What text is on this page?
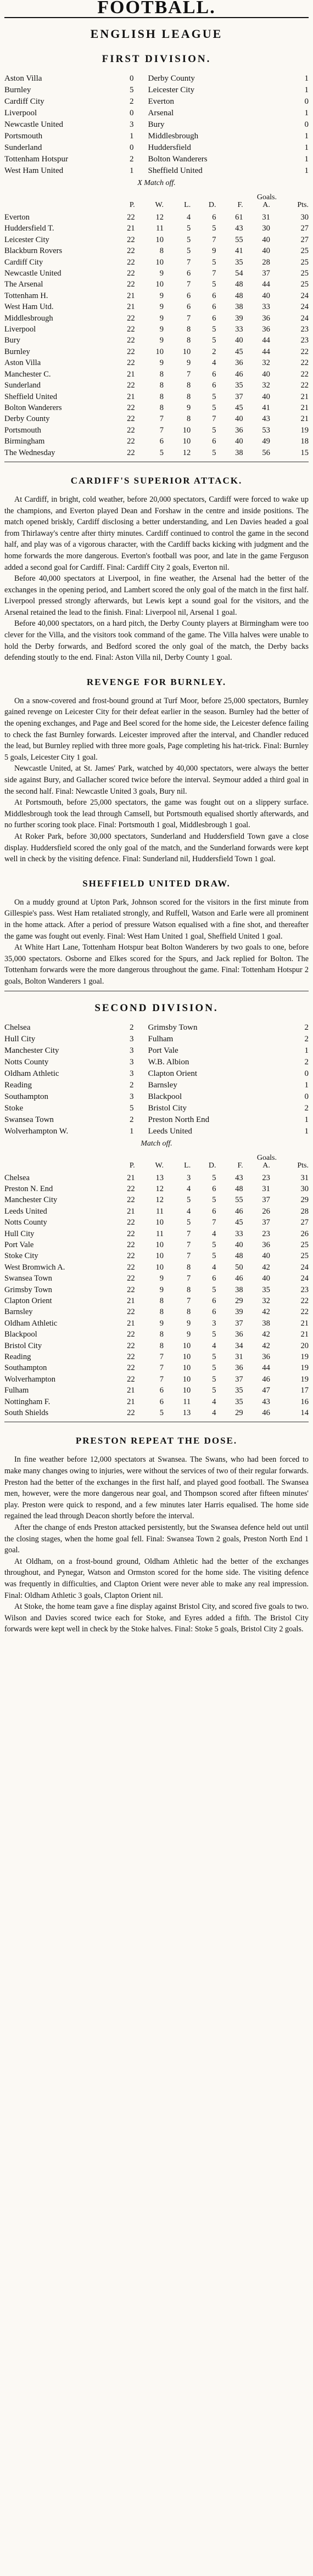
FOOTBALL.
ENGLISH LEAGUE
FIRST DIVISION.
Aston Villa	0	Derby County	1
Burnley	5	Leicester City	1
Cardiff City	2	Everton	0
Liverpool	0	Arsenal	1
Newcastle United	3	Bury	0
Portsmouth	1	Middlesbrough	1
Sunderland	0	Huddersfield	1
Tottenham Hotspur	2	Bolton Wanderers	1
West Ham United	1	Sheffield United	1
X Match off.
Goals.
	P.	W.	L.	D.	F.	A.	Pts.
Everton	22	12	4	6	61	31	30
Huddersfield T.	21	11	5	5	43	30	27
Leicester City	22	10	5	7	55	40	27
Blackburn Rovers	22	8	5	9	41	40	25
Cardiff City	22	10	7	5	35	28	25
Newcastle United	22	9	6	7	54	37	25
The Arsenal	22	10	7	5	48	44	25
Tottenham H.	21	9	6	6	48	40	24
West Ham Utd.	21	9	6	6	38	33	24
Middlesbrough	22	9	7	6	39	36	24
Liverpool	22	9	8	5	33	36	23
Bury	22	9	8	5	40	44	23
Burnley	22	10	10	2	45	44	22
Aston Villa	22	9	9	4	36	32	22
Manchester C.	21	8	7	6	46	40	22
Sunderland	22	8	8	6	35	32	22
Sheffield United	21	8	8	5	37	40	21
Bolton Wanderers	22	8	9	5	45	41	21
Derby County	22	7	8	7	40	43	21
Portsmouth	22	7	10	5	36	53	19
Birmingham	22	6	10	6	40	49	18
The Wednesday	22	5	12	5	38	56	15
CARDIFF'S SUPERIOR ATTACK.

At Cardiff, in bright, cold weather, before 20,000 spectators, Cardiff were forced to wake up the champions, and Everton played Dean and Forshaw in the centre and inside positions. The match opened briskly, Cardiff disclosing a better understanding, and Len Davies headed a goal from Thirlaway's centre after thirty minutes. Cardiff continued to control the game in the second half, and play was of a vigorous character, with the Cardiff backs kicking with judgment and the home forwards the more dangerous. Everton's football was poor, and late in the game Ferguson added a second goal for Cardiff. Final: Cardiff City 2 goals, Everton nil.

Before 40,000 spectators at Liverpool, in fine weather, the Arsenal had the better of the exchanges in the opening period, and Lambert scored the only goal of the match in the first half. Liverpool pressed strongly afterwards, but Lewis kept a sound goal for the visitors, and the Arsenal retained the lead to the finish. Final: Liverpool nil, Arsenal 1 goal.

Before 40,000 spectators, on a hard pitch, the Derby County players at Birmingham were too clever for the Villa, and the visitors took command of the game. The Villa halves were unable to hold the Derby forwards, and Bedford scored the only goal of the match, the Derby backs defending stoutly to the end. Final: Aston Villa nil, Derby County 1 goal.

REVENGE FOR BURNLEY.

On a snow-covered and frost-bound ground at Turf Moor, before 25,000 spectators, Burnley gained revenge on Leicester City for their defeat earlier in the season. Burnley had the better of the opening exchanges, and Page and Beel scored for the home side, the Leicester defence failing to check the fast Burnley forwards. Leicester improved after the interval, and Chandler reduced the lead, but Burnley replied with three more goals, Page completing his hat-trick. Final: Burnley 5 goals, Leicester City 1 goal.

Newcastle United, at St. James' Park, watched by 40,000 spectators, were always the better side against Bury, and Gallacher scored twice before the interval. Seymour added a third goal in the second half. Final: Newcastle United 3 goals, Bury nil.

At Portsmouth, before 25,000 spectators, the game was fought out on a slippery surface. Middlesbrough took the lead through Camsell, but Portsmouth equalised shortly afterwards, and no further scoring took place. Final: Portsmouth 1 goal, Middlesbrough 1 goal.

At Roker Park, before 30,000 spectators, Sunderland and Huddersfield Town gave a close display. Huddersfield scored the only goal of the match, and the Sunderland forwards were kept well in check by the visiting defence. Final: Sunderland nil, Huddersfield Town 1 goal.

SHEFFIELD UNITED DRAW.

On a muddy ground at Upton Park, Johnson scored for the visitors in the first minute from Gillespie's pass. West Ham retaliated strongly, and Ruffell, Watson and Earle were all prominent in the home attack. After a period of pressure Watson equalised with a fine shot, and thereafter the game was fought out evenly. Final: West Ham United 1 goal, Sheffield United 1 goal.

At White Hart Lane, Tottenham Hotspur beat Bolton Wanderers by two goals to one, before 35,000 spectators. Osborne and Elkes scored for the Spurs, and Jack replied for Bolton. The Tottenham forwards were the more dangerous throughout the game. Final: Tottenham Hotspur 2 goals, Bolton Wanderers 1 goal.

SECOND DIVISION.
Chelsea	2	Grimsby Town	2
Hull City	3	Fulham	2
Manchester City	3	Port Vale	1
Notts County	3	W.B. Albion	2
Oldham Athletic	3	Clapton Orient	0
Reading	2	Barnsley	1
Southampton	3	Blackpool	0
Stoke	5	Bristol City	2
Swansea Town	2	Preston North End	1
Wolverhampton W.	1	Leeds United	1
Match off.
Goals.
	P.	W.	L.	D.	F.	A.	Pts.
Chelsea	21	13	3	5	43	23	31
Preston N. End	22	12	4	6	48	31	30
Manchester City	22	12	5	5	55	37	29
Leeds United	21	11	4	6	46	26	28
Notts County	22	10	5	7	45	37	27
Hull City	22	11	7	4	33	23	26
Port Vale	22	10	7	5	40	36	25
Stoke City	22	10	7	5	48	40	25
West Bromwich A.	22	10	8	4	50	42	24
Swansea Town	22	9	7	6	46	40	24
Grimsby Town	22	9	8	5	38	35	23
Clapton Orient	21	8	7	6	29	32	22
Barnsley	22	8	8	6	39	42	22
Oldham Athletic	21	9	9	3	37	38	21
Blackpool	22	8	9	5	36	42	21
Bristol City	22	8	10	4	34	42	20
Reading	22	7	10	5	31	36	19
Southampton	22	7	10	5	36	44	19
Wolverhampton	22	7	10	5	37	46	19
Fulham	21	6	10	5	35	47	17
Nottingham F.	21	6	11	4	35	43	16
South Shields	22	5	13	4	29	46	14
PRESTON REPEAT THE DOSE.

In fine weather before 12,000 spectators at Swansea. The Swans, who had been forced to make many changes owing to injuries, were without the services of two of their regular forwards. Preston had the better of the exchanges in the first half, and played good football. The Swansea men, however, were the more dangerous near goal, and Thompson scored after fifteen minutes' play. Preston were quick to respond, and a few minutes later Harris equalised. The home side regained the lead through Deacon shortly before the interval.

After the change of ends Preston attacked persistently, but the Swansea defence held out until the closing stages, when the home goal fell. Final: Swansea Town 2 goals, Preston North End 1 goal.

At Oldham, on a frost-bound ground, Oldham Athletic had the better of the exchanges throughout, and Pynegar, Watson and Ormston scored for the home side. The visiting defence was frequently in difficulties, and Clapton Orient were never able to make any real impression. Final: Oldham Athletic 3 goals, Clapton Orient nil.

At Stoke, the home team gave a fine display against Bristol City, and scored five goals to two. Wilson and Davies scored twice each for Stoke, and Eyres added a fifth. The Bristol City forwards were kept well in check by the Stoke halves. Final: Stoke 5 goals, Bristol City 2 goals.
